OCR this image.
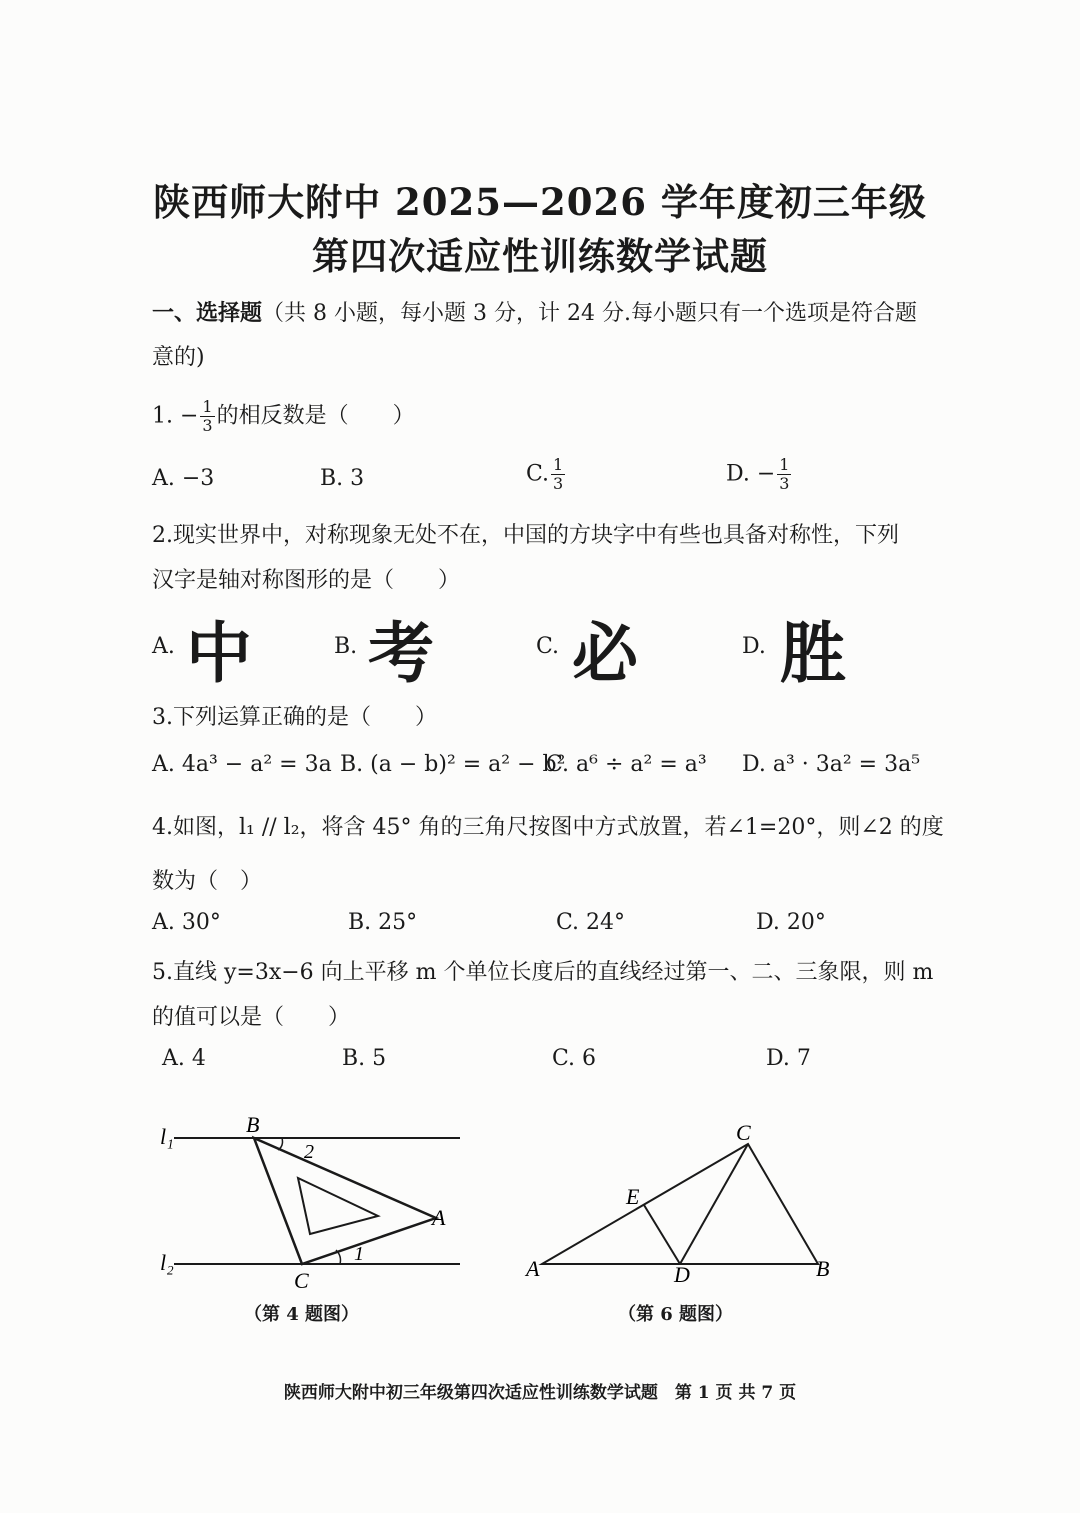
陕西师大附中 2025—2026 学年度初三年级
第四次适应性训练数学试题
一、选择题（共 8 小题，每小题 3 分，计 24 分.每小题只有一个选项是符合题
意的)
1. − $\frac{1}{3}$ 的相反数是（　　）
A. −3	B. 3	C. $\frac{1}{3}$	D. − $\frac{1}{3}$
2.现实世界中，对称现象无处不在，中国的方块字中有些也具备对称性，下列
汉字是轴对称图形的是（　　）
A. 中	B. 考	C. 必	D. 胜
3.下列运算正确的是（　　）
A. 4a³ − a² = 3a B. (a − b)² = a² − b²
C. a⁶ ÷ a² = a³ D. a³ · 3a² = 3a⁵
4.如图，l₁ // l₂，将含 45° 角的三角尺按图中方式放置，若∠1=20°，则∠2 的度
数为（　）
A. 30°	B. 25°	C. 24°	D. 20°
5.直线 y=3x−6 向上平移 m 个单位长度后的直线经过第一、二、三象限，则 m
的值可以是（　　）
A. 4	B. 5	C. 6	D. 7
l₁
l₂
B
A
C
2
1
（第 4 题图）
A	B
C
D
E
（第 6 题图）
陕西师大附中初三年级第四次适应性训练数学试题　第 1 页 共 7 页
